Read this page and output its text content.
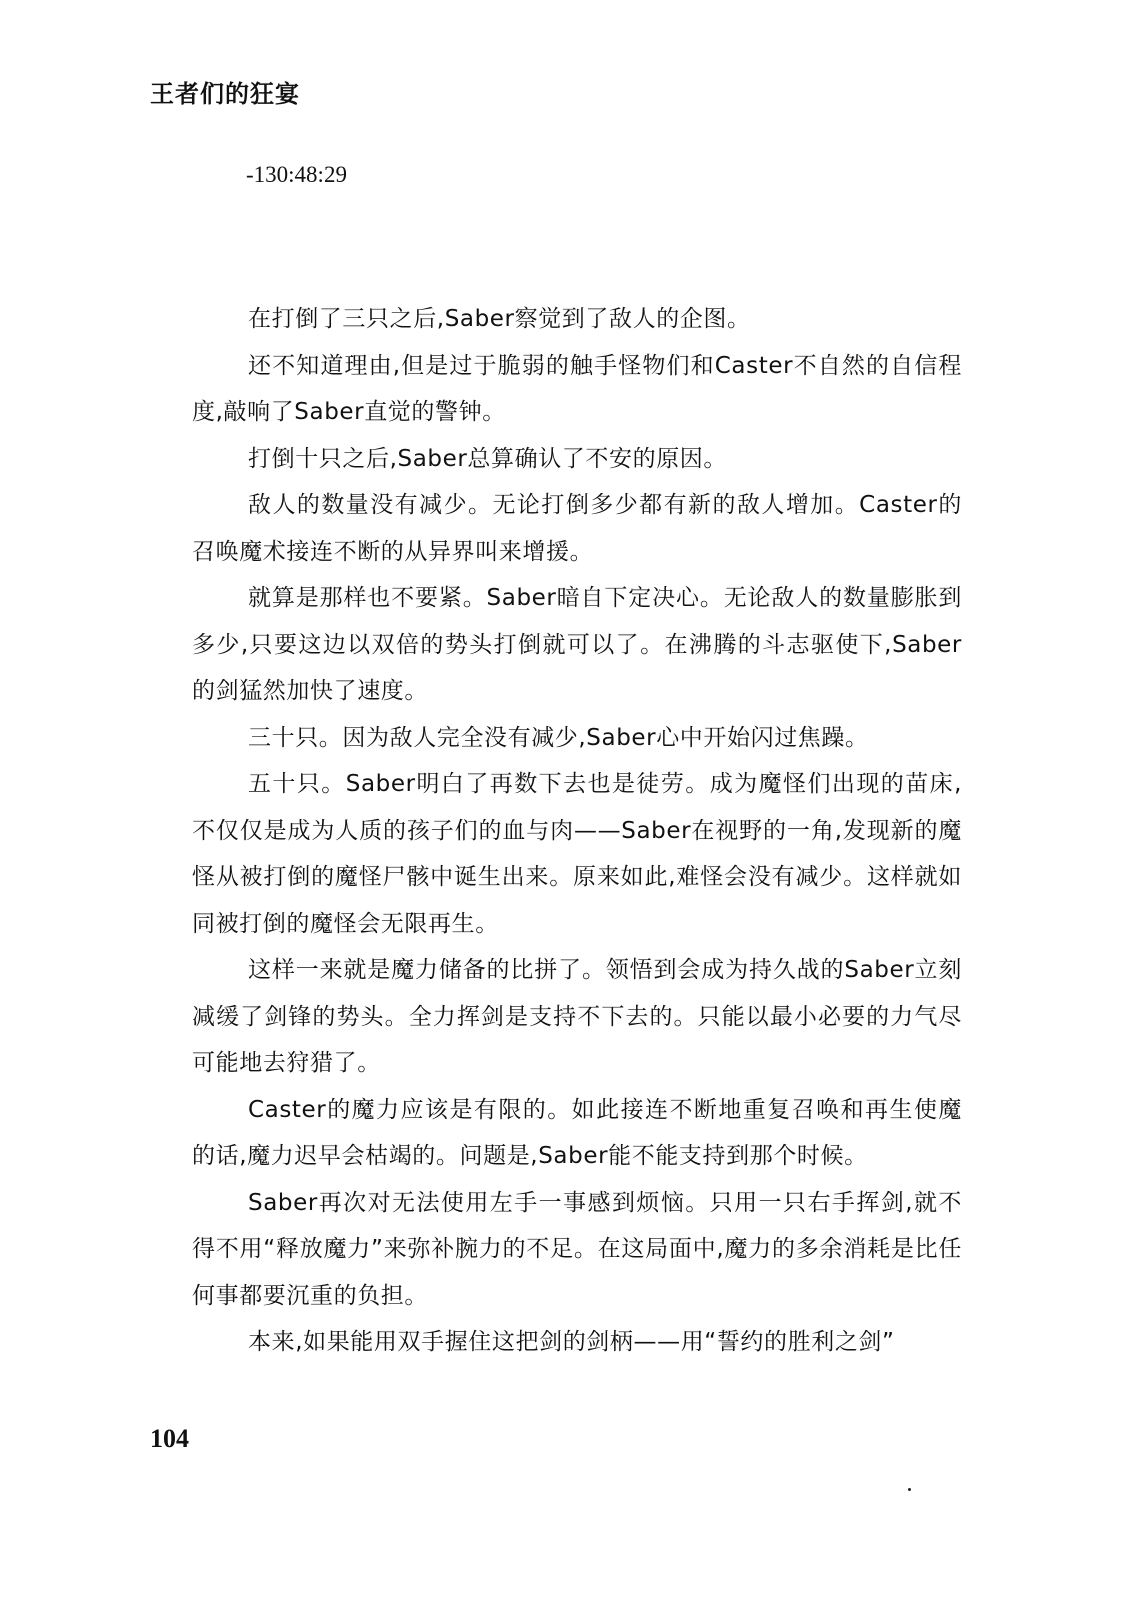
王者们的狂宴
-130:48:29

在打倒了三只之后,Saber察觉到了敌人的企图。

还不知道理由,但是过于脆弱的触手怪物们和Caster不自然的自信程度,敲响了Saber直觉的警钟。

打倒十只之后,Saber总算确认了不安的原因。

敌人的数量没有减少。无论打倒多少都有新的敌人增加。Caster的召唤魔术接连不断的从异界叫来增援。

就算是那样也不要紧。Saber暗自下定决心。无论敌人的数量膨胀到多少,只要这边以双倍的势头打倒就可以了。在沸腾的斗志驱使下,Saber的剑猛然加快了速度。

三十只。因为敌人完全没有减少,Saber心中开始闪过焦躁。

五十只。Saber明白了再数下去也是徒劳。成为魔怪们出现的苗床,不仅仅是成为人质的孩子们的血与肉——Saber在视野的一角,发现新的魔怪从被打倒的魔怪尸骸中诞生出来。原来如此,难怪会没有减少。这样就如同被打倒的魔怪会无限再生。

这样一来就是魔力储备的比拼了。领悟到会成为持久战的Saber立刻减缓了剑锋的势头。全力挥剑是支持不下去的。只能以最小必要的力气尽可能地去狩猎了。

Caster的魔力应该是有限的。如此接连不断地重复召唤和再生使魔的话,魔力迟早会枯竭的。问题是,Saber能不能支持到那个时候。

Saber再次对无法使用左手一事感到烦恼。只用一只右手挥剑,就不得不用“释放魔力”来弥补腕力的不足。在这局面中,魔力的多余消耗是比任何事都要沉重的负担。

本来,如果能用双手握住这把剑的剑柄——用“誓约的胜利之剑”

104
